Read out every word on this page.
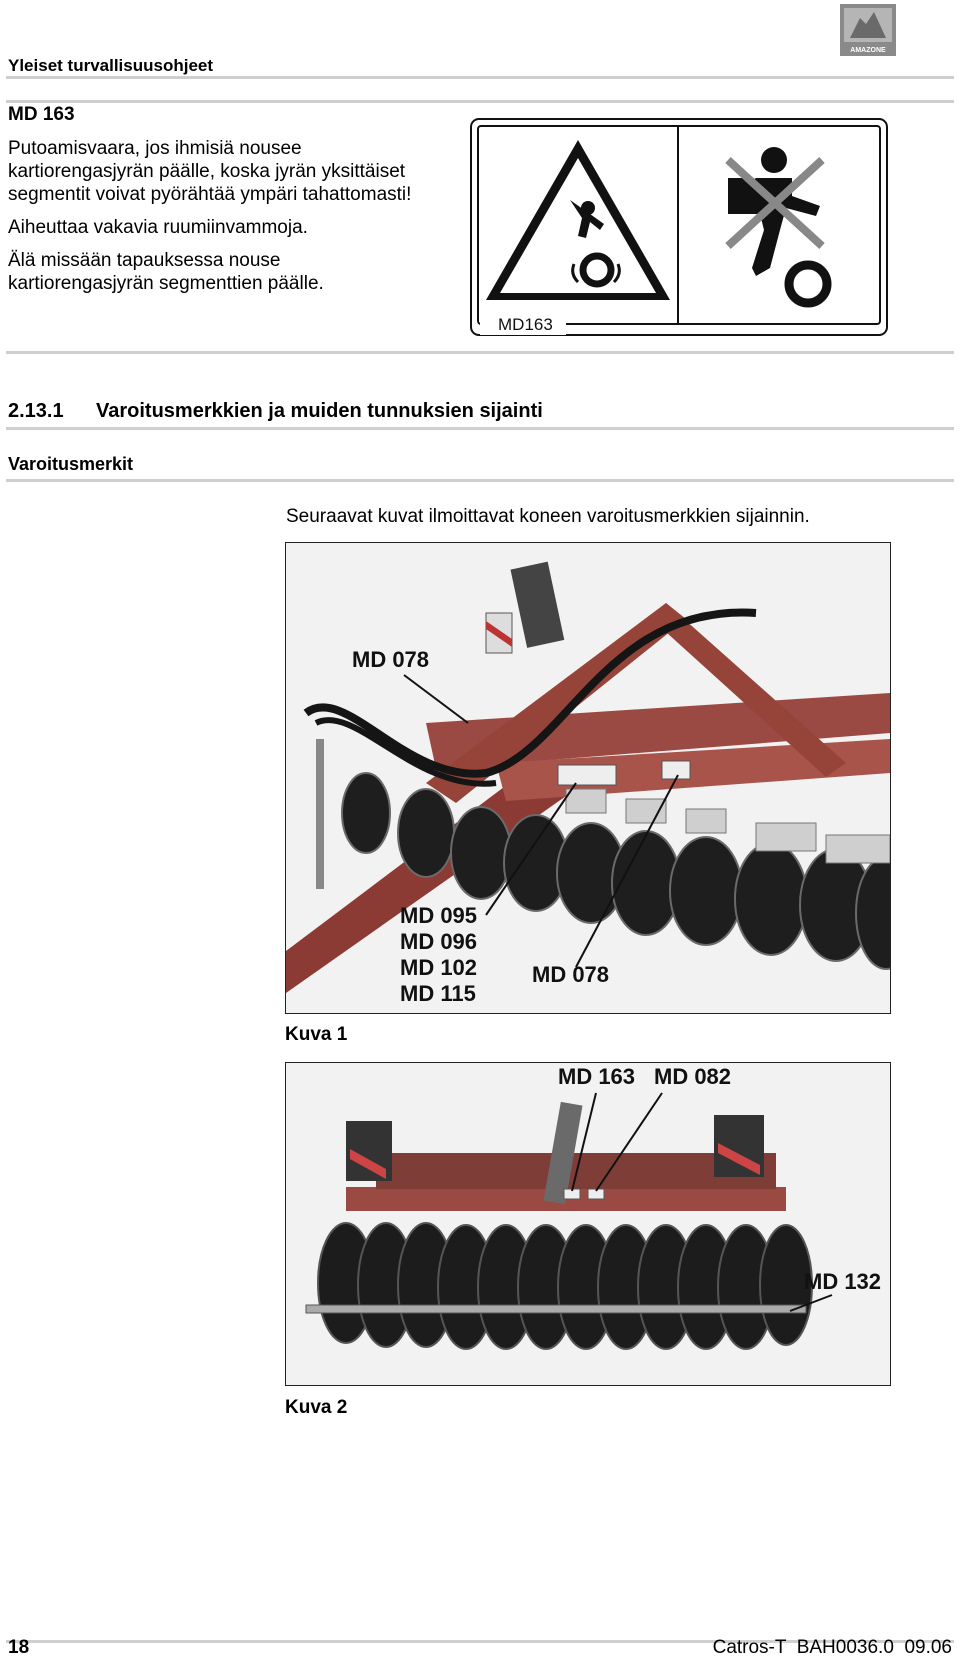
Yleiset turvallisuusohjeet
AMAZONE
MD 163
Putoamisvaara, jos ihmisiä nousee kartiorengasjyrän päälle, koska jyrän yksittäiset segmentit voivat pyörähtää ympäri tahattomasti!
Aiheuttaa vakavia ruumiinvammoja.
Älä missään tapauksessa nouse kartiorengasjyrän segmenttien päälle.
MD163
2.13.1 Varoitusmerkkien ja muiden tunnuksien sijainti
Varoitusmerkit
Seuraavat kuvat ilmoittavat koneen varoitusmerkkien sijainnin.
MD 078
MD 095
MD 096
MD 102
MD 115
MD 078
Kuva 1
MD 163 MD 082
MD 132
Kuva 2
18	Catros-T  BAH0036.0  09.06
